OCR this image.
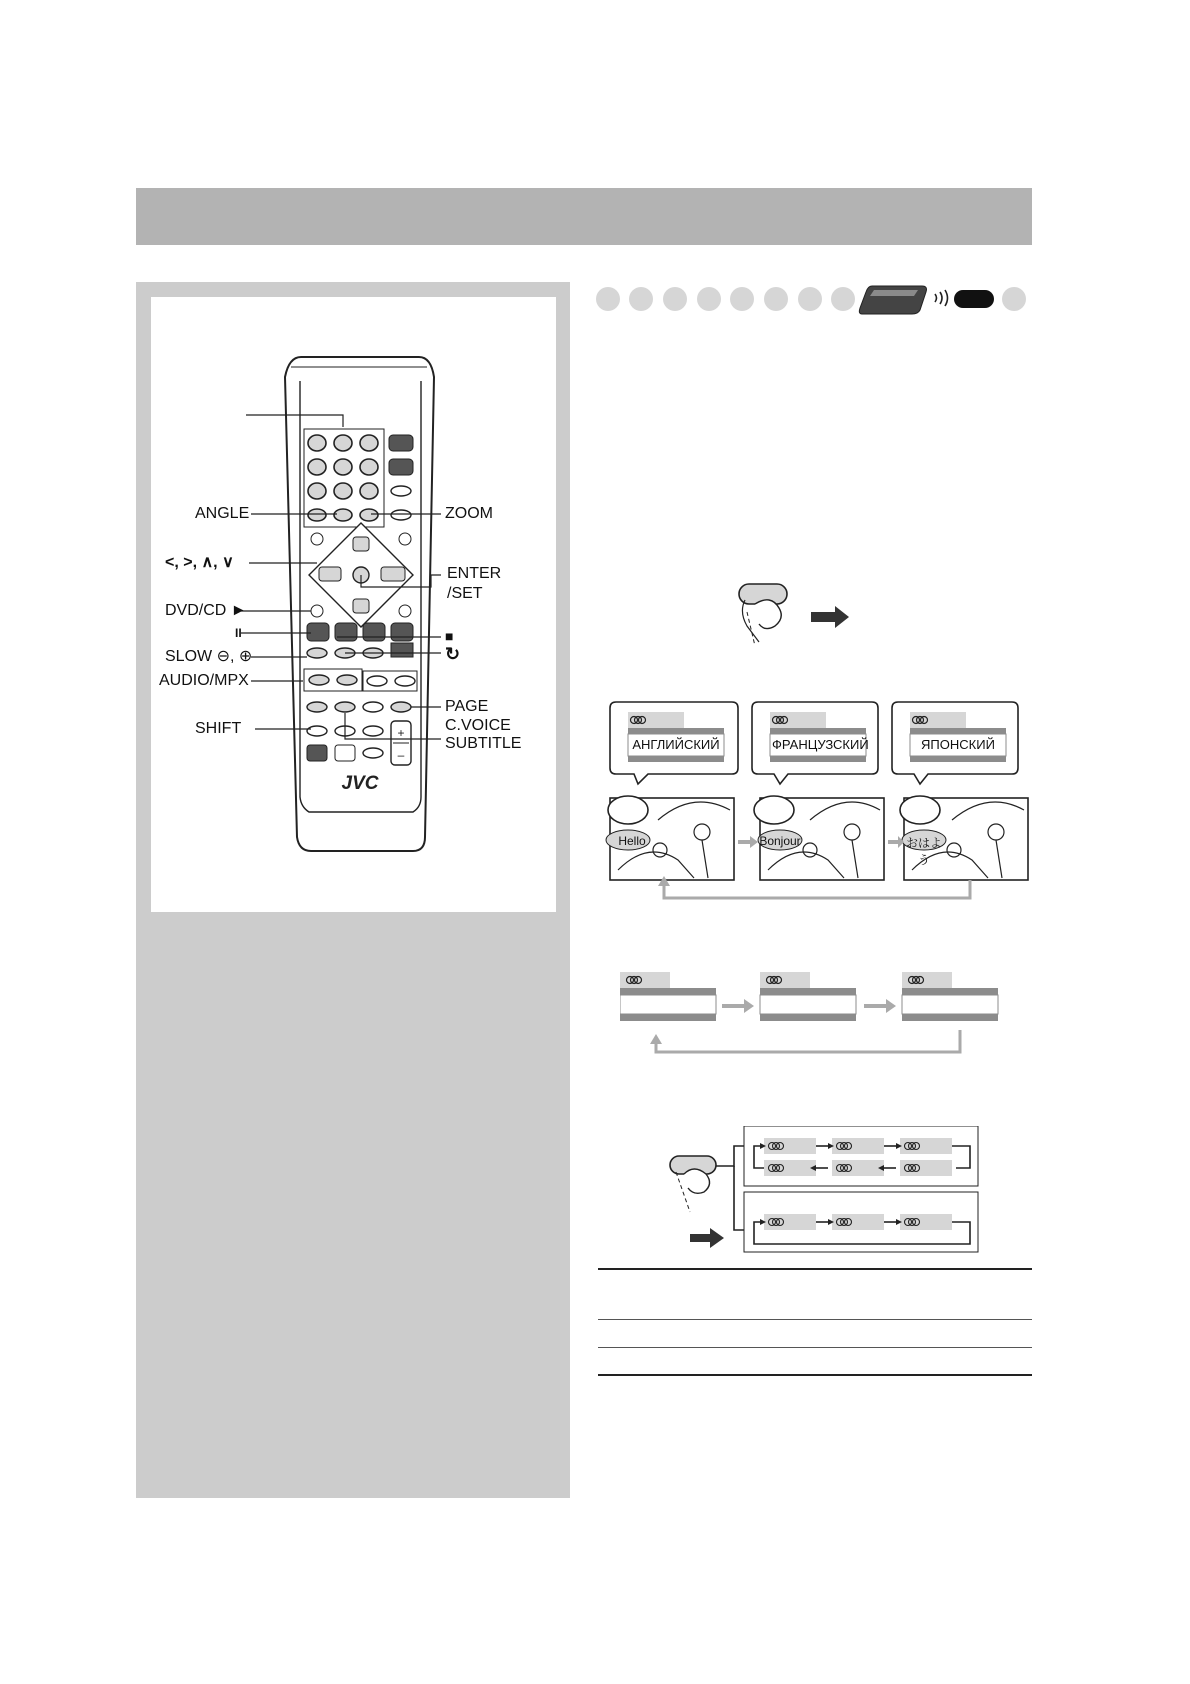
+
–
JVC
ANGLE
<, >, ∧, ∨
DVD/CD ►
II
SLOW ⊖, ⊕
AUDIO/MPX
SHIFT
ZOOM
ENTER
/SET
■
↻
PAGE
C.VOICE
SUBTITLE	АНГЛИЙСКИЙ	ФРАНЦУЗСКИЙ	ЯПОНСКИЙ
Hello	Bonjour	おはよう
